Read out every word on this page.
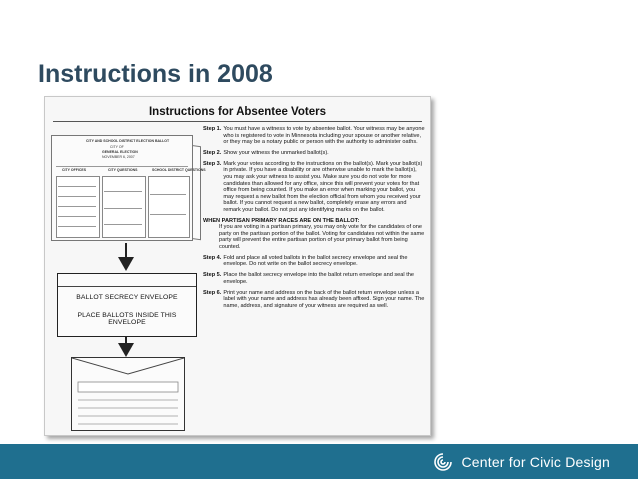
Instructions in 2008
Instructions for Absentee Voters
CITY AND SCHOOL DISTRICT ELECTION BALLOT
CITY OF
GENERAL ELECTION
NOVEMBER 6, 2007
CITY OFFICES	CITY QUESTIONS	SCHOOL DISTRICT QUESTIONS
BALLOT SECRECY ENVELOPE
PLACE BALLOTS INSIDE THIS ENVELOPE
Step 1. You must have a witness to vote by absentee ballot. Your witness may be anyone who is registered to vote in Minnesota including your spouse or another relative, or they may be a notary public or person with the authority to administer oaths.
Step 2. Show your witness the unmarked ballot(s).
Step 3. Mark your votes according to the instructions on the ballot(s). Mark your ballot(s) in private. If you have a disability or are otherwise unable to mark the ballot(s), you may ask your witness to assist you. Make sure you do not vote for more candidates than allowed for any office, since this will prevent your votes for that office from being counted. If you make an error when marking your ballot, you may request a new ballot from the election official from whom you received your ballot. If you cannot request a new ballot, completely erase any errors and remark your ballot. Do not put any identifying marks on the ballot.
WHEN PARTISAN PRIMARY RACES ARE ON THE BALLOT:
If you are voting in a partisan primary, you may only vote for the candidates of one party on the partisan portion of the ballot. Voting for candidates not within the same party will prevent the entire partisan portion of your primary ballot from being counted.
Step 4. Fold and place all voted ballots in the ballot secrecy envelope and seal the envelope. Do not write on the ballot secrecy envelope.
Step 5. Place the ballot secrecy envelope into the ballot return envelope and seal the envelope.
Step 6. Print your name and address on the back of the ballot return envelope unless a label with your name and address has already been affixed. Sign your name. The name, address, and signature of your witness are required as well.
Center for Civic Design
